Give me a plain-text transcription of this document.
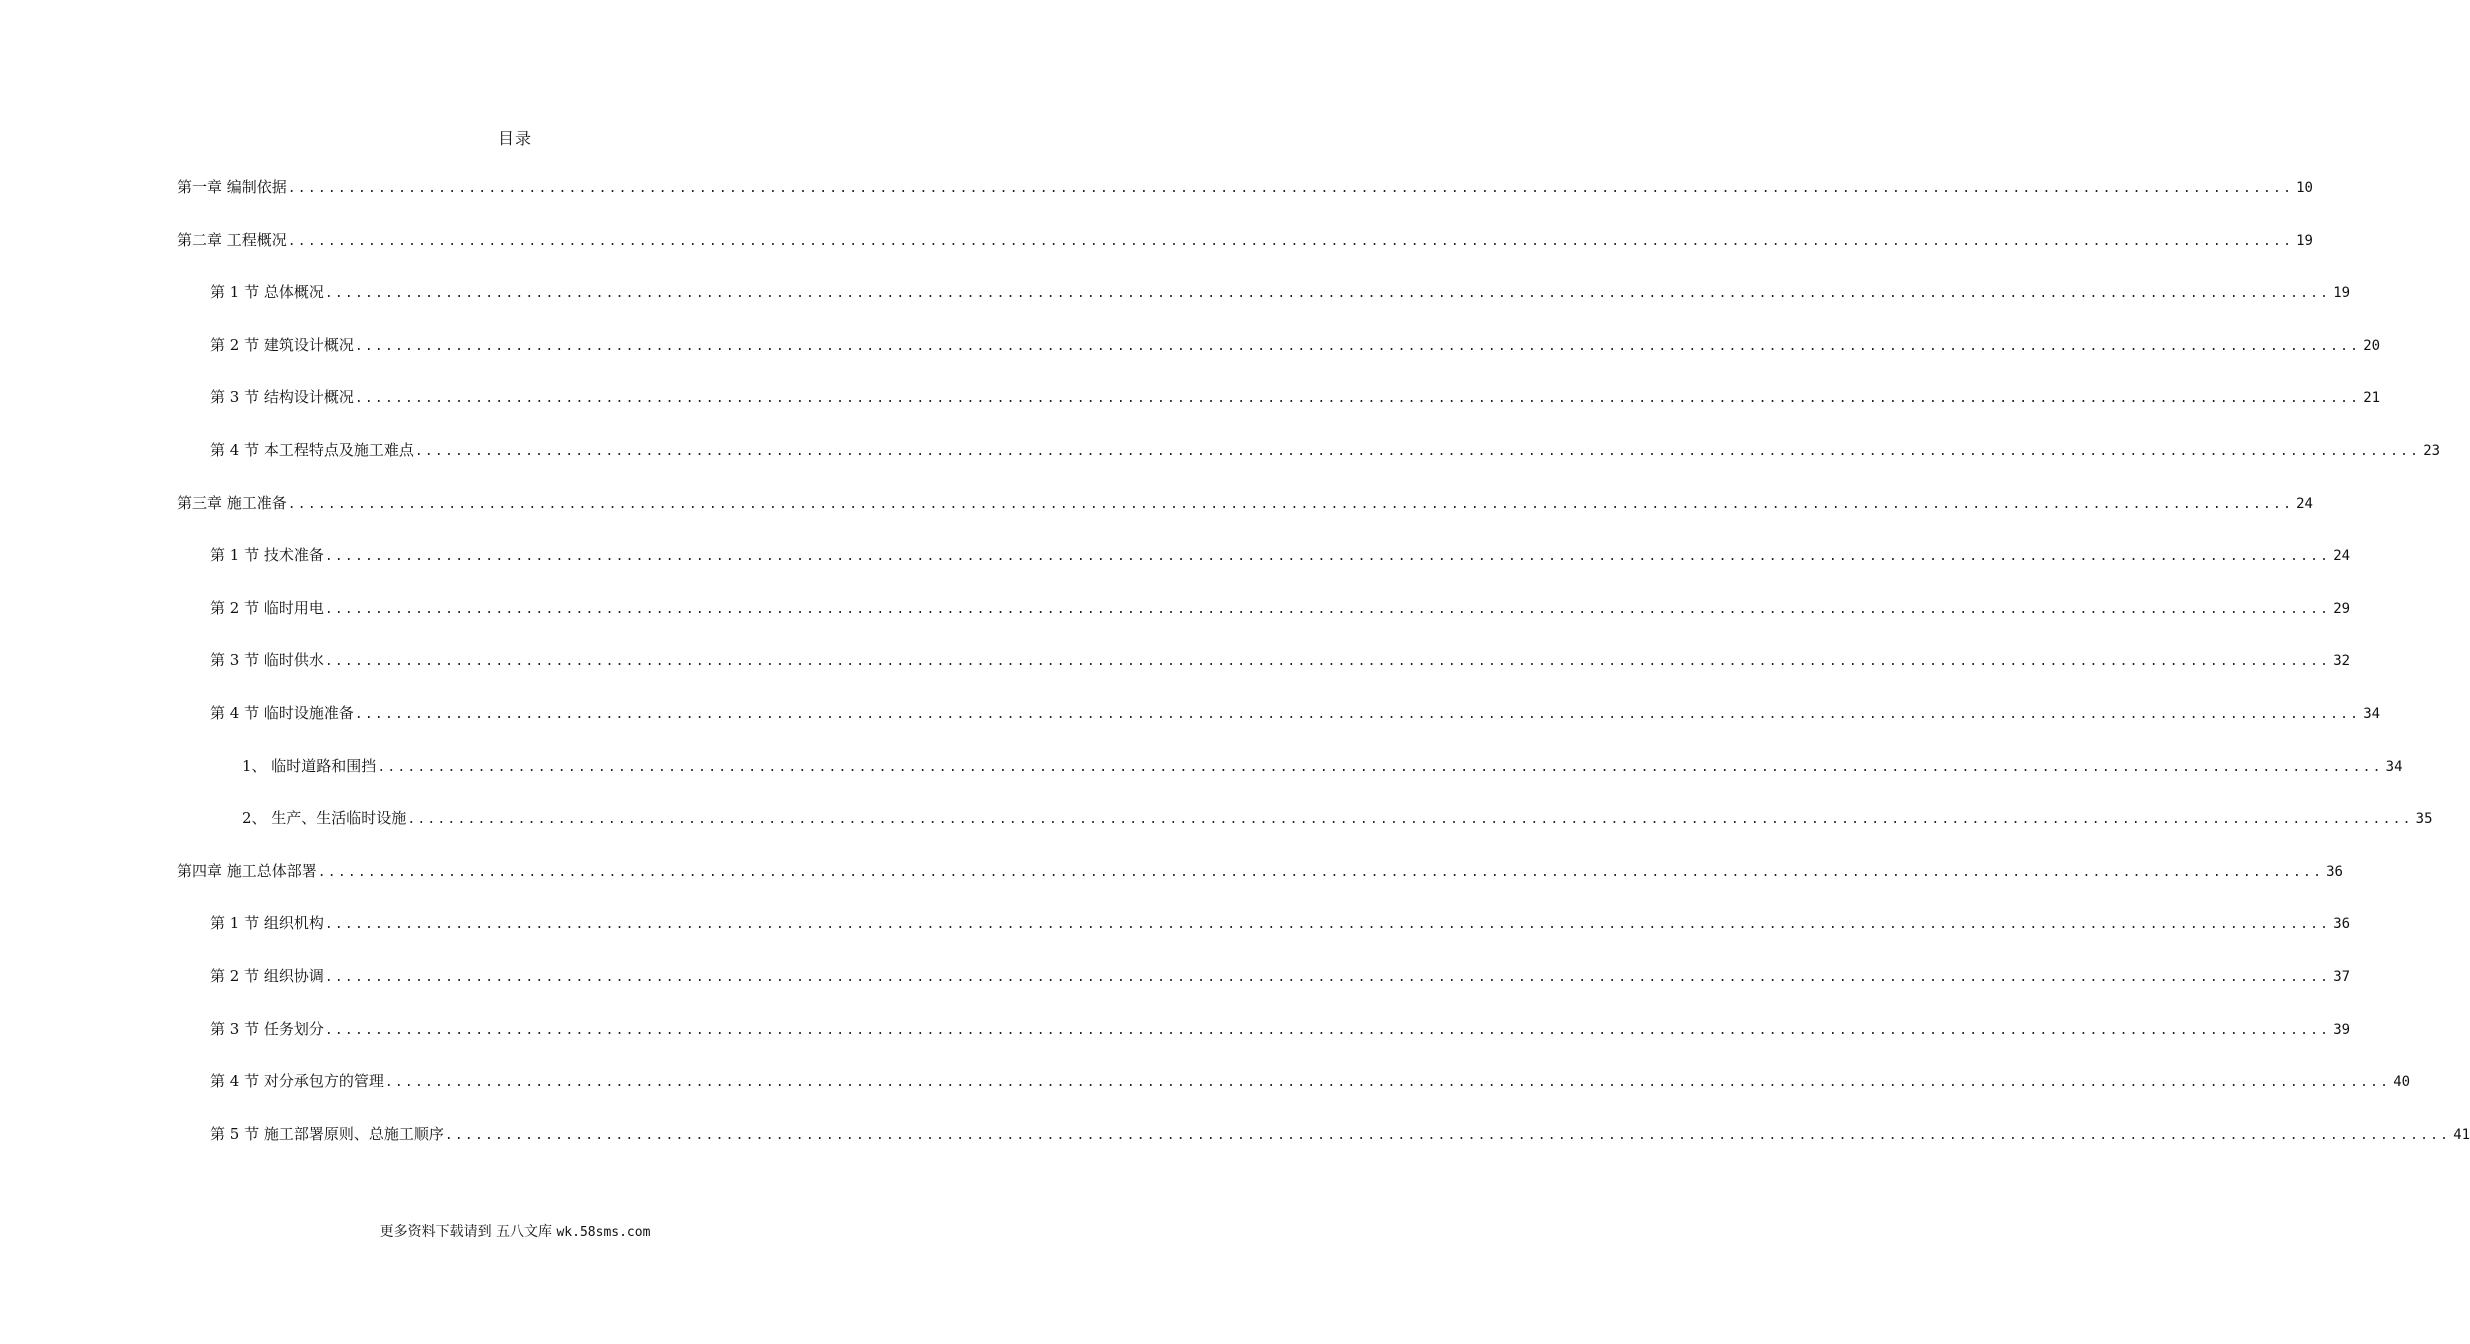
目录
第一章 编制依据 ........................................................................................................................................................................................................ 10
第二章 工程概况 ........................................................................................................................................................................................................ 19
第 1 节 总体概况 ........................................................................................................................................................................................................ 19
第 2 节 建筑设计概况 ........................................................................................................................................................................................................ 20
第 3 节 结构设计概况 ........................................................................................................................................................................................................ 21
第 4 节 本工程特点及施工难点 ........................................................................................................................................................................................................ 23
第三章 施工准备 ........................................................................................................................................................................................................ 24
第 1 节 技术准备 ........................................................................................................................................................................................................ 24
第 2 节 临时用电 ........................................................................................................................................................................................................ 29
第 3 节 临时供水 ........................................................................................................................................................................................................ 32
第 4 节 临时设施准备 ........................................................................................................................................................................................................ 34
1、 临时道路和围挡 ........................................................................................................................................................................................................ 34
2、 生产、生活临时设施 ........................................................................................................................................................................................................ 35
第四章 施工总体部署 ........................................................................................................................................................................................................ 36
第 1 节 组织机构 ........................................................................................................................................................................................................ 36
第 2 节 组织协调 ........................................................................................................................................................................................................ 37
第 3 节 任务划分 ........................................................................................................................................................................................................ 39
第 4 节 对分承包方的管理 ........................................................................................................................................................................................................ 40
第 5 节 施工部署原则、总施工顺序 ........................................................................................................................................................................................................ 41
更多资料下载请到 五八文库 wk.58sms.com
